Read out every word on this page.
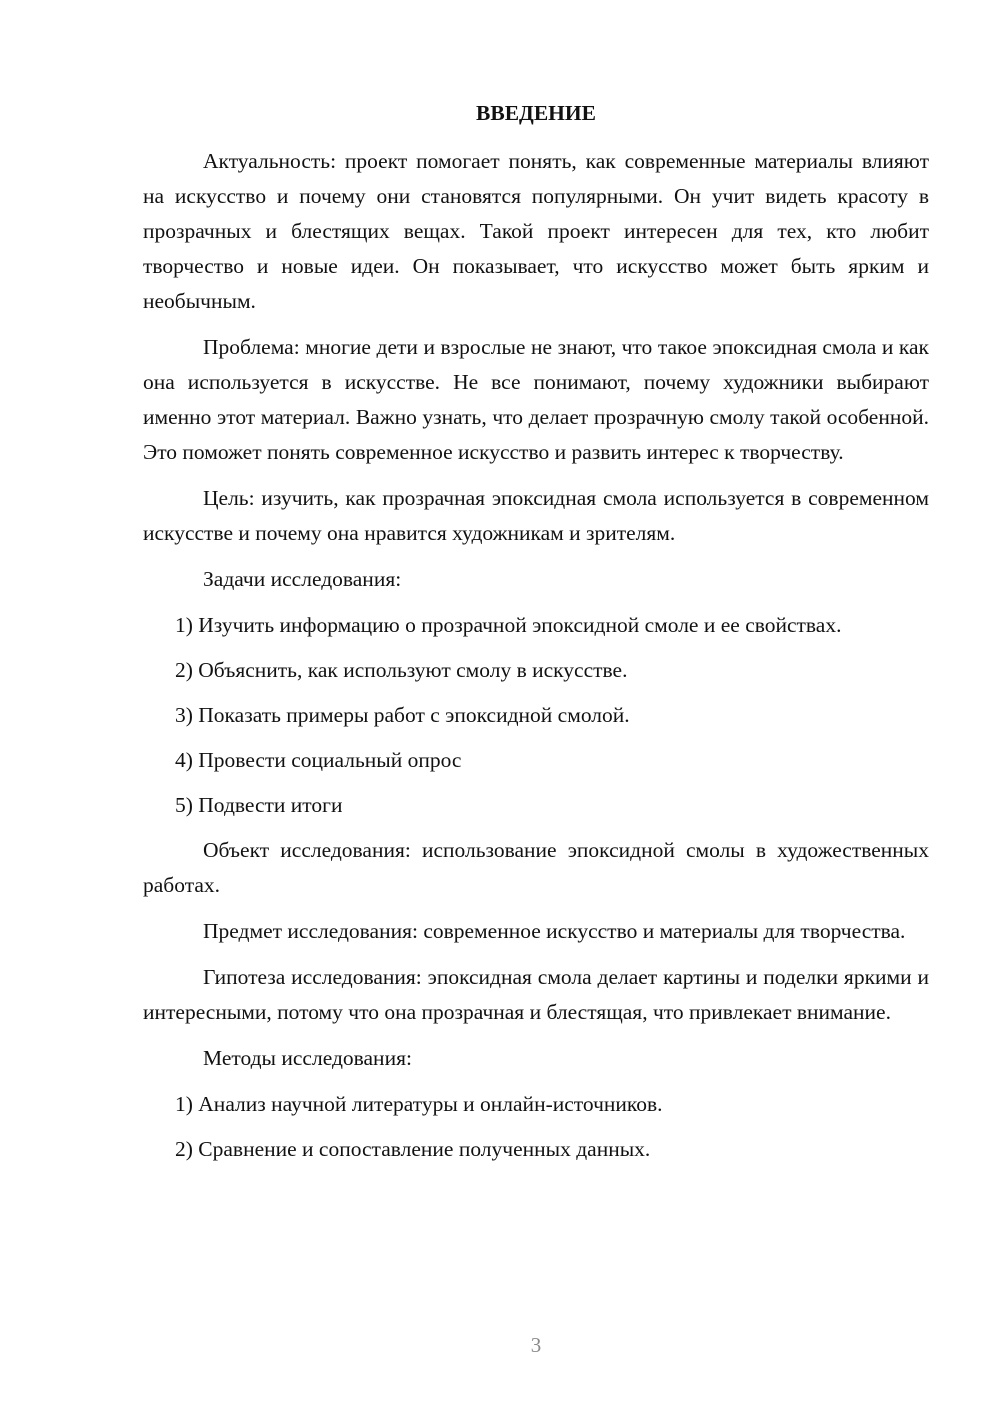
ВВЕДЕНИЕ

Актуальность: проект помогает понять, как современные материалы влияют на искусство и почему они становятся популярными. Он учит видеть красоту в прозрачных и блестящих вещах. Такой проект интересен для тех, кто любит творчество и новые идеи. Он показывает, что искусство может быть ярким и необычным.

Проблема: многие дети и взрослые не знают, что такое эпоксидная смола и как она используется в искусстве. Не все понимают, почему художники выбирают именно этот материал. Важно узнать, что делает прозрачную смолу такой особенной. Это поможет понять современное искусство и развить интерес к творчеству.

Цель: изучить, как прозрачная эпоксидная смола используется в современном искусстве и почему она нравится художникам и зрителям.

Задачи исследования:

1) Изучить информацию о прозрачной эпоксидной смоле и ее свойствах.

2) Объяснить, как используют смолу в искусстве.

3) Показать примеры работ с эпоксидной смолой.

4) Провести социальный опрос

5) Подвести итоги

Объект исследования: использование эпоксидной смолы в художественных работах.

Предмет исследования: современное искусство и материалы для творчества.

Гипотеза исследования: эпоксидная смола делает картины и поделки яркими и интересными, потому что она прозрачная и блестящая, что привлекает внимание.

Методы исследования:

1) Анализ научной литературы и онлайн-источников.

2) Сравнение и сопоставление полученных данных.

3
